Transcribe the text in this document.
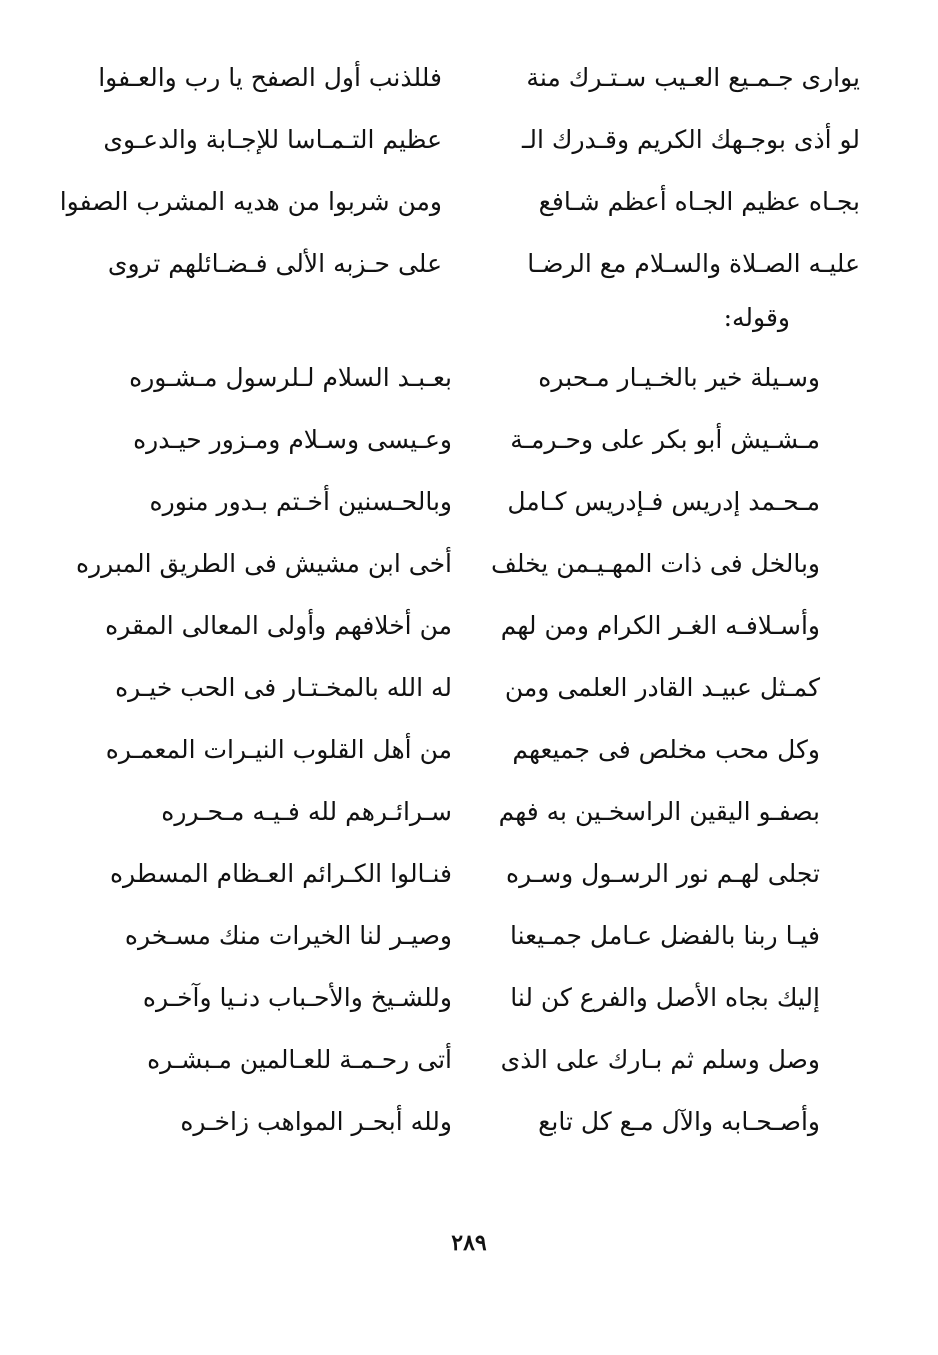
يوارى جـمـيع العـيب سـتـرك منة
فللذنب أول الصفح يا رب والعـفوا
لو أذى بوجـهك الكريم وقـدرك الـ
عظيم التـمـاسا للإجـابة والدعـوى
بجـاه عظيم الجـاه أعظم شـافع
ومن شربوا من هديه المشرب الصفوا
عليـه الصـلاة والسـلام مع الرضـا
على حـزبه الألى فـضـائلهم تروى
وقوله:
وسـيلة خير بالخـيـار مـحبره
بعـبـد السلام لـلرسول مـشـوره
مـشـيش أبو بكر على وحـرمـة
وعـيسى وسـلام ومـزور حيـدره
مـحـمد إدريس فـإدريس كـامل
وبالحـسنين أخـتم بـدور منوره
وبالخل فى ذات المهـيـمن يخلف
أخى ابن مشيش فى الطريق المبرره
وأسـلافـه الغـر الكرام ومن لهم
من أخلافهم وأولى المعالى المقره
كمـثل عبيـد القادر العلمى ومن
له الله بالمخـتـار فى الحب خيـره
وكل محب مخلص فى جميعهم
من أهل القلوب النيـرات المعمـره
بصفـو اليقين الراسخـين به فهم
سـرائـرهم لله فـيـه مـحـرره
تجلى لهـم نور الرسـول وسـره
فنـالوا الكـرائم العـظام المسطره
فيـا ربنا بالفضل عـامل جمـيعنا
وصيـر لنا الخيرات منك مسـخره
إليك بجاه الأصل والفرع كن لنا
وللشـيخ والأحـباب دنـيا وآخـره
وصل وسلم ثم بـارك على الذى
أتى رحـمـة للعـالمين مـبشـره
وأصـحـابه والآل مـع كل تابع
ولله أبحـر المواهب زاخـره
٢٨٩
